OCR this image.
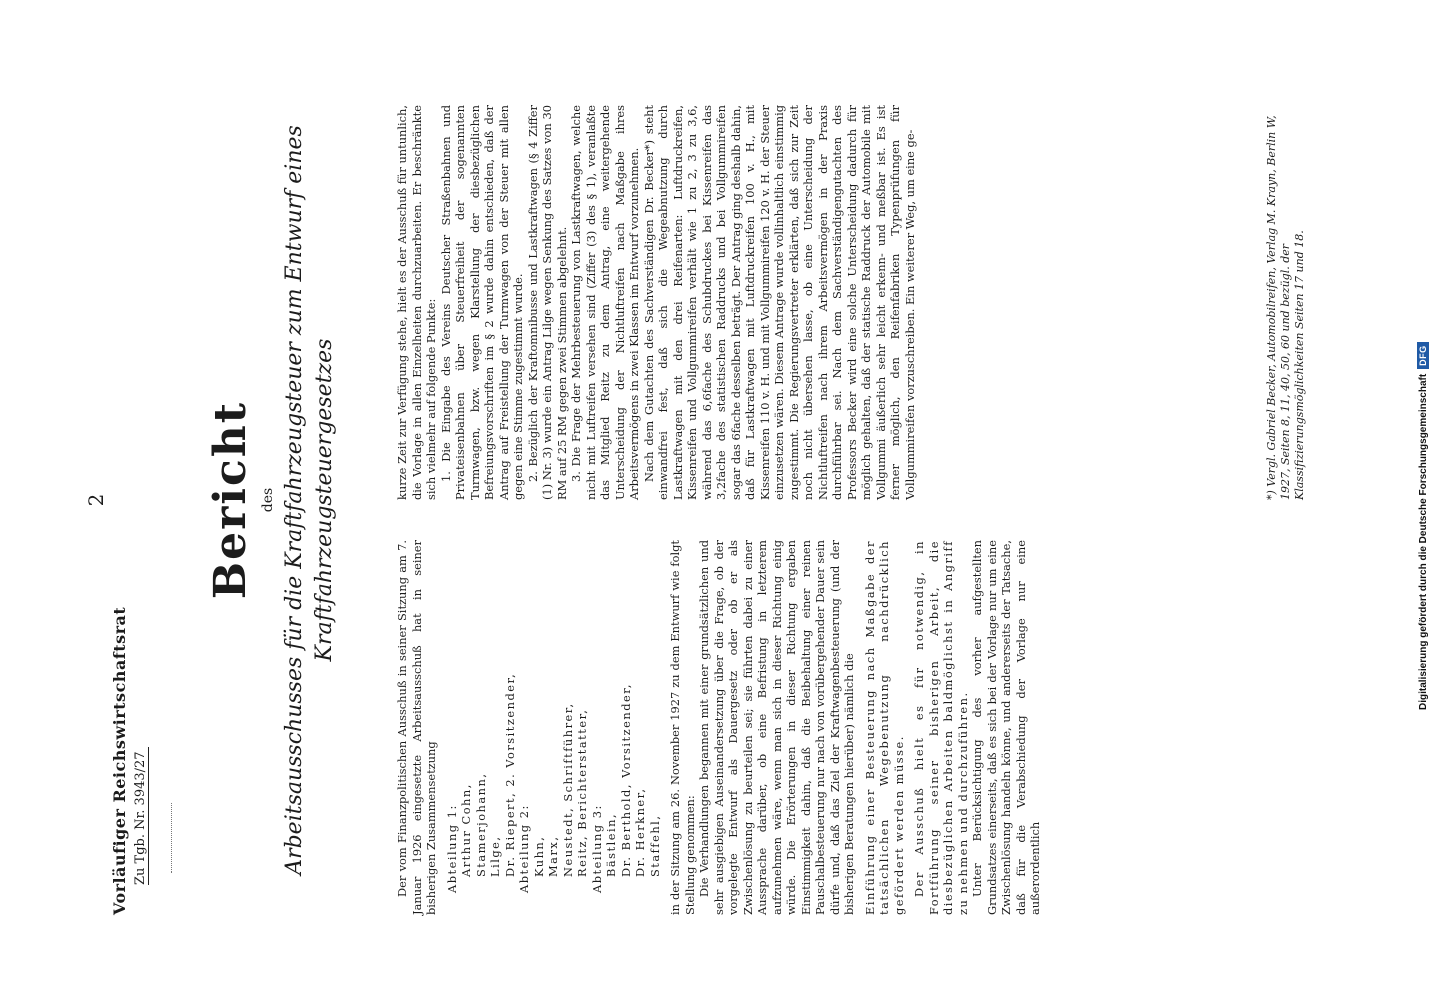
2
Vorläufiger Reichswirtschaftsrat Zu Tgb. Nr. 3943/27
Bericht des Arbeitsausschusses für die Kraftfahrzeugsteuer zum Entwurf eines Kraftfahrzeugsteuergesetzes

Der vom Finanzpolitischen Ausschuß in seiner Sitzung am 7. Januar 1926 eingesetzte Arbeitsausschuß hat in seiner bisherigen Zusammensetzung Abteilung 1: Arthur Cohn, Stamerjohann, Lilge, Dr. Riepert, 2. Vorsitzender, Abteilung 2: Kuhn, Marx, Neustedt, Schriftführer, Reitz, Berichterstatter, Abteilung 3: Bästlein, Dr. Berthold, Vorsitzender, Dr. Herkner, Staffehl, in der Sitzung am 26. November 1927 zu dem Entwurf wie folgt Stellung genommen: Die Verhandlungen begannen mit einer grundsätzlichen und sehr ausgiebigen Auseinandersetzung über die Frage, ob der vorgelegte Entwurf als Dauergesetz oder ob er als Zwischenlösung zu beurteilen sei; sie führten dabei zu einer Aussprache darüber, ob eine Befristung in letzterem aufzunehmen wäre, wenn man sich in dieser Richtung einig würde. Die Erörterungen in dieser Richtung ergaben Einstimmigkeit dahin, daß die Beibehaltung einer reinen Pauschalbesteuerung nur nach von vorübergehender Dauer sein dürfe und, daß das Ziel der Kraftwagenbesteuerung (und der bisherigen Beratungen hierüber) nämlich die Einführung einer Besteuerung nach Maßgabe der tatsächlichen Wegebenutzung nachdrücklich gefördert werden müsse. Der Ausschuß hielt es für notwendig, in Fortführung seiner bisherigen Arbeit, die diesbezüglichen Arbeiten baldmöglichst in Angriff zu nehmen und durchzuführen. Unter Berücksichtigung des vorher aufgestellten Grundsatzes einerseits, daß es sich bei der Vorlage nur um eine Zwischenlösung handeln könne, und andererseits der Tatsache, daß für die Verabschiedung der Vorlage nur eine außerordentlich

kurze Zeit zur Verfügung stehe, hielt es der Ausschuß für untunlich, die Vorlage in allen Einzelheiten durchzuarbeiten. Er beschränkte sich vielmehr auf folgende Punkte: 1. Die Eingabe des Vereins Deutscher Straßenbahnen und Privateisenbahnen über Steuerfreiheit der sogenannten Turmwagen, bzw. wegen Klarstellung der diesbezüglichen Befreiungsvorschriften im § 2 wurde dahin entschieden, daß der Antrag auf Freistellung der Turmwagen von der Steuer mit allen gegen eine Stimme zugestimmt wurde. 2. Bezüglich der Kraftomnibusse und Lastkraftwagen (§ 4 Ziffer (1) Nr. 3) wurde ein Antrag Lilge wegen Senkung des Satzes von 30 RM auf 25 RM gegen zwei Stimmen abgelehnt. 3. Die Frage der Mehrbesteuerung von Lastkraftwagen, welche nicht mit Luftreifen versehen sind (Ziffer (3) des § 1), veranlaßte das Mitglied Reitz zu dem Antrag, eine weitergehende Unterscheidung der Nichtluftreifen nach Maßgabe ihres Arbeitsvermögens in zwei Klassen im Entwurf vorzunehmen. Nach dem Gutachten des Sachverständigen Dr. Becker*) steht einwandfrei fest, daß sich die Wegeabnutzung durch Lastkraftwagen mit den drei Reifenarten: Luftdruckreifen, Kissenreifen und Vollgummireifen verhält wie 1 zu 2, 3 zu 3,6, während das 6,6fache des Schubdruckes bei Kissenreifen das 3,2fache des statistischen Raddrucks und bei Vollgummireifen sogar das 6fache desselben beträgt. Der Antrag ging deshalb dahin, daß für Lastkraftwagen mit Luftdruckreifen 100 v. H., mit Kissenreifen 110 v. H. und mit Vollgummireifen 120 v. H. der Steuer einzusetzen wären. Diesem Antrage wurde vollinhaltlich einstimmig zugestimmt. Die Regierungsvertreter erklärten, daß sich zur Zeit noch nicht übersehen lasse, ob eine Unterscheidung der Nichtluftreifen nach ihrem Arbeitsvermögen in der Praxis durchführbar sei. Nach dem Sachverständigengutachten des Professors Becker wird eine solche Unterscheidung dadurch für möglich gehalten, daß der statische Raddruck der Automobile mit Vollgummi äußerlich sehr leicht erkenn- und meßbar ist. Es ist ferner möglich, den Reifenfabriken Typenprüfungen für Vollgummireifen vorzuschreiben. Ein weiterer Weg, um eine ge-	*) Vergl. Gabriel Becker, Automobilreifen, Verlag M. Krayn, Berlin W, 1927, Seiten 8, 11, 40, 50, 60 und bezügl. der Klassifizierungsmöglichkeiten Seiten 17 und 18.
Digitalisierung gefördert durch die Deutsche Forschungsgemeinschaft
DFG
